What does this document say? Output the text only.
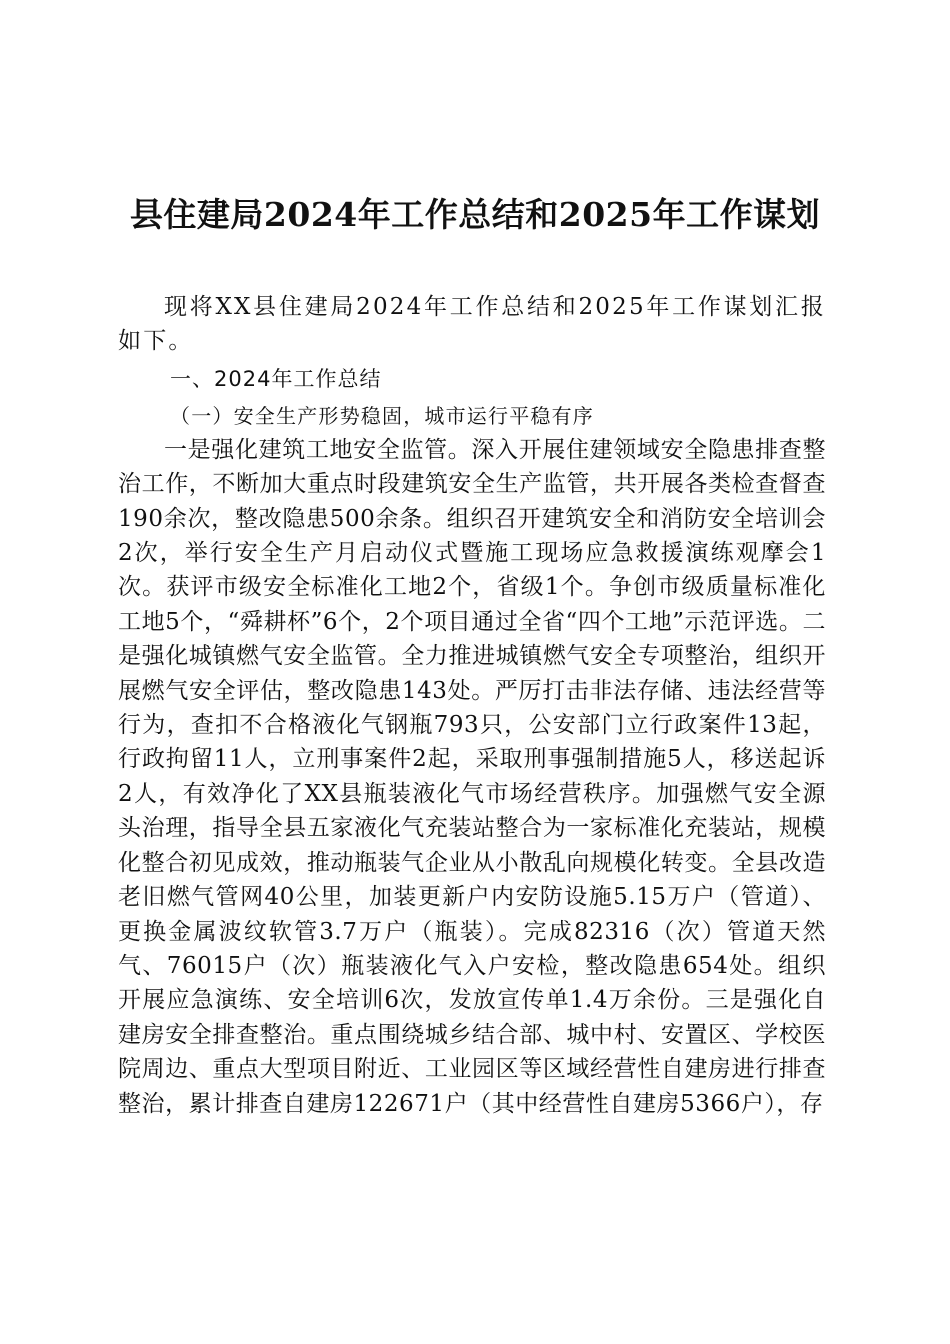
县住建局2024年工作总结和2025年工作谋划

现将XX县住建局2024年工作总结和2025年工作谋划汇报如下。

一、2024年工作总结

（一）安全生产形势稳固，城市运行平稳有序

一是强化建筑工地安全监管。深入开展住建领域安全隐患排查整治工作，不断加大重点时段建筑安全生产监管，共开展各类检查督查190余次，整改隐患500余条。组织召开建筑安全和消防安全培训会2次，举行安全生产月启动仪式暨施工现场应急救援演练观摩会1次。获评市级安全标准化工地2个，省级1个。争创市级质量标准化工地5个，“舜耕杯”6个，2个项目通过全省“四个工地”示范评选。二是强化城镇燃气安全监管。全力推进城镇燃气安全专项整治，组织开展燃气安全评估，整改隐患143处。严厉打击非法存储、违法经营等行为，查扣不合格液化气钢瓶793只，公安部门立行政案件13起，行政拘留11人，立刑事案件2起，采取刑事强制措施5人，移送起诉2人，有效净化了XX县瓶装液化气市场经营秩序。加强燃气安全源头治理，指导全县五家液化气充装站整合为一家标准化充装站，规模化整合初见成效，推动瓶装气企业从小散乱向规模化转变。全县改造老旧燃气管网40公里，加装更新户内安防设施5.15万户（管道）、更换金属波纹软管3.7万户（瓶装）。完成82316（次）管道天然气、76015户（次）瓶装液化气入户安检，整改隐患654处。组织开展应急演练、安全培训6次，发放宣传单1.4万余份。三是强化自建房安全排查整治。重点围绕城乡结合部、城中村、安置区、学校医院周边、重点大型项目附近、工业园区等区域经营性自建房进行排查整治，累计排查自建房122671户（其中经营性自建房5366户），存
